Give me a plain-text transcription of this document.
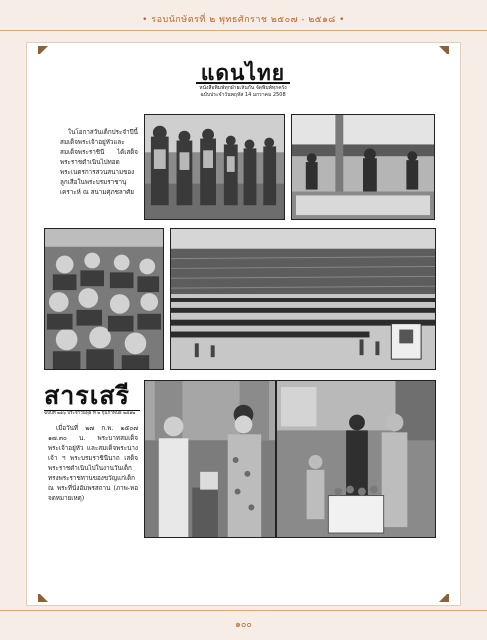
• รอบนักษัตรที่ ๒ พุทธศักราช ๒๕๐๗ - ๒๕๑๘ •
แดนไทย
หนังสือพิมพ์ทุกฝ่ายเห็นกัน จัดพิมพ์ทุกครั้ง
ฉบับประจำวันพฤหัส 14 มกราคม 2508
ในโอกาสวันเด็กประจำปีนี้ สมเด็จพระเจ้าอยู่หัวและสมเด็จพระราชินี ได้เสด็จพระราชดำเนินไปทอดพระเนตรการสวนสนามของลูกเสือในพระบรมราชานุเคราะห์ ณ สนามศุภชลาศัย
สารเสรี
ฉบับที่ ๒๑๖ ประจำวันพุธ ที่ ๒ กุมภาพันธ์ ๒๕๑๒
เมื่อวันที่ ๒๗ ก.พ. ๒๕๐๗ ๑๗.๓๐ น. พระบาทสมเด็จพระเจ้าอยู่หัว และสมเด็จพระนางเจ้า ฯ พระบรมราชินีนาถ เสด็จพระราชดำเนินไปในงานวันเด็ก ทรงพระราชทานของขวัญแก่เด็ก ณ พระที่นั่งอัมพรสถาน (ภาพ-หอจดหมายเหตุ)
๑๐๐
